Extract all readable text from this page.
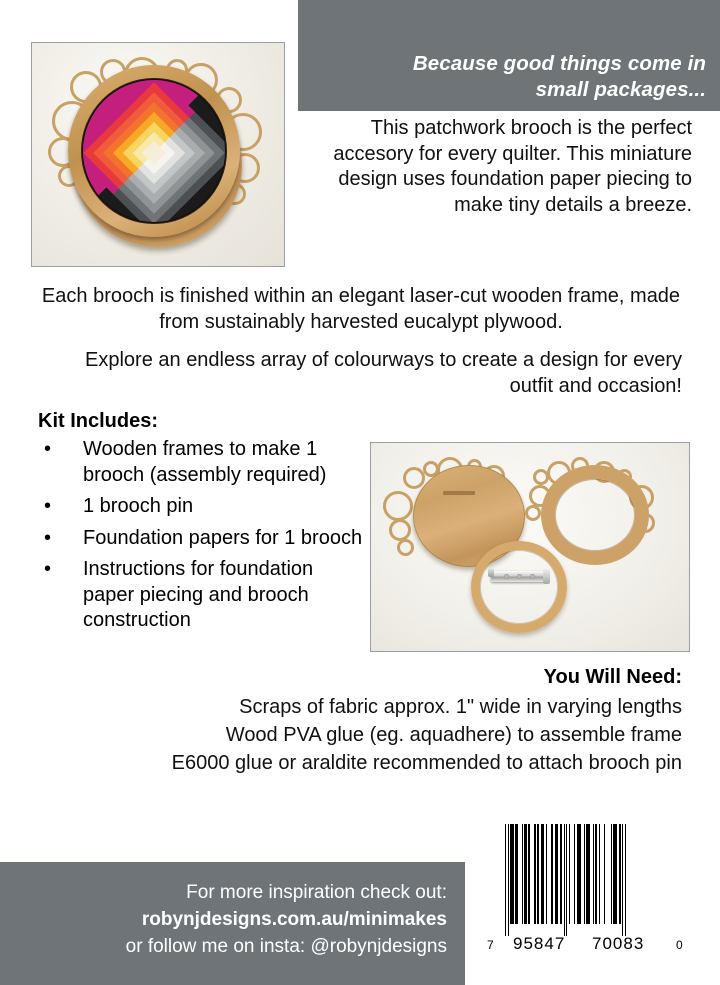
Because good things come in
small packages...
This patchwork brooch is the perfect accesory for every quilter. This miniature design uses foundation paper piecing to make tiny details a breeze.
Each brooch is finished within an elegant laser-cut wooden frame, made from sustainably harvested eucalypt plywood.
Explore an endless array of colourways to create a design for every outfit and occasion!
Kit Includes:
• Wooden frames to make 1 brooch (assembly required)
• 1 brooch pin
• Foundation papers for 1 brooch
• Instructions for foundation paper piecing and brooch construction
You Will Need:

Scraps of fabric approx. 1" wide in varying lengths

Wood PVA glue (eg. aquadhere) to assemble frame

E6000 glue or araldite recommended to attach brooch pin

For more inspiration check out:
robynjdesigns.com.au/minimakes
or follow me on insta: @robynjdesigns	7 95847 70083	0
